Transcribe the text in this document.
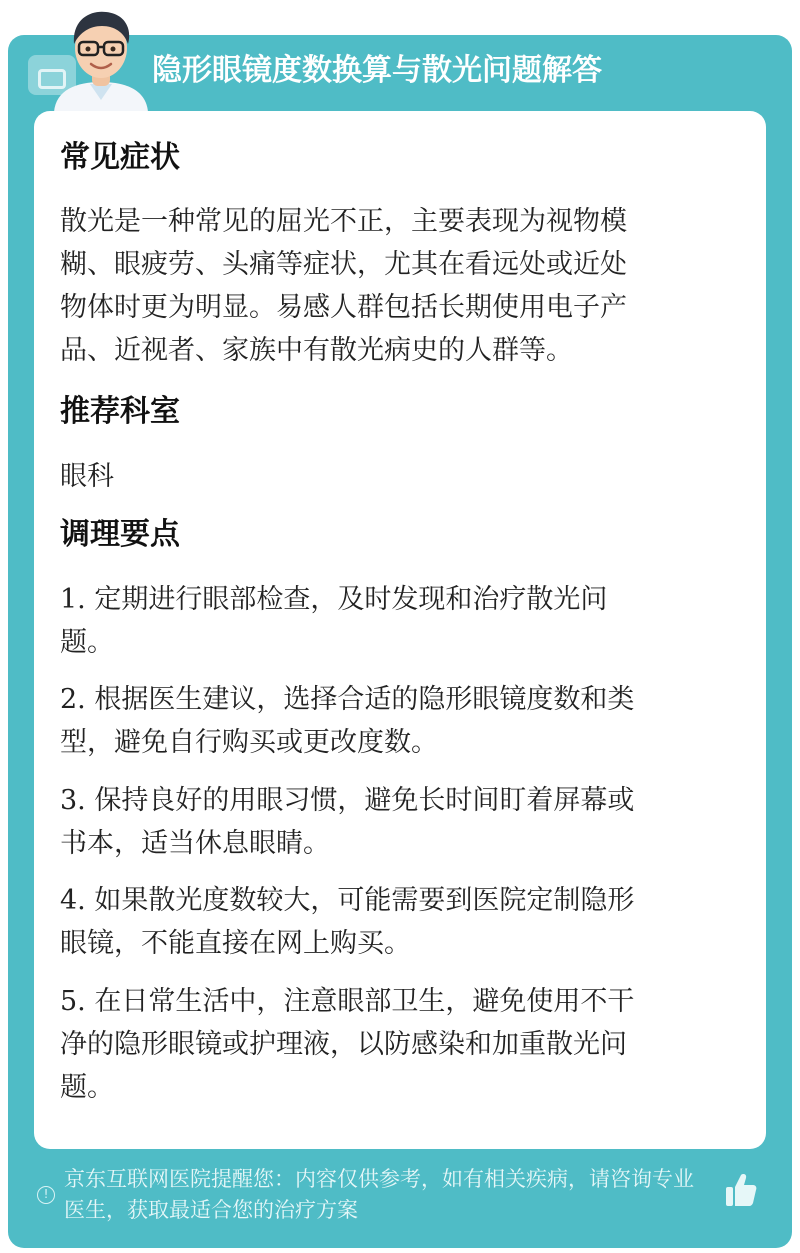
隐形眼镜度数换算与散光问题解答
常见症状
散光是一种常见的屈光不正，主要表现为视物模
糊、眼疲劳、头痛等症状，尤其在看远处或近处
物体时更为明显。易感人群包括长期使用电子产
品、近视者、家族中有散光病史的人群等。
推荐科室
眼科
调理要点
1. 定期进行眼部检查，及时发现和治疗散光问
题。
2. 根据医生建议，选择合适的隐形眼镜度数和类
型，避免自行购买或更改度数。
3. 保持良好的用眼习惯，避免长时间盯着屏幕或
书本，适当休息眼睛。
4. 如果散光度数较大，可能需要到医院定制隐形
眼镜，不能直接在网上购买。
5. 在日常生活中，注意眼部卫生，避免使用不干
净的隐形眼镜或护理液，以防感染和加重散光问
题。
!
京东互联网医院提醒您：内容仅供参考，如有相关疾病，请咨询专业
医生，获取最适合您的治疗方案
